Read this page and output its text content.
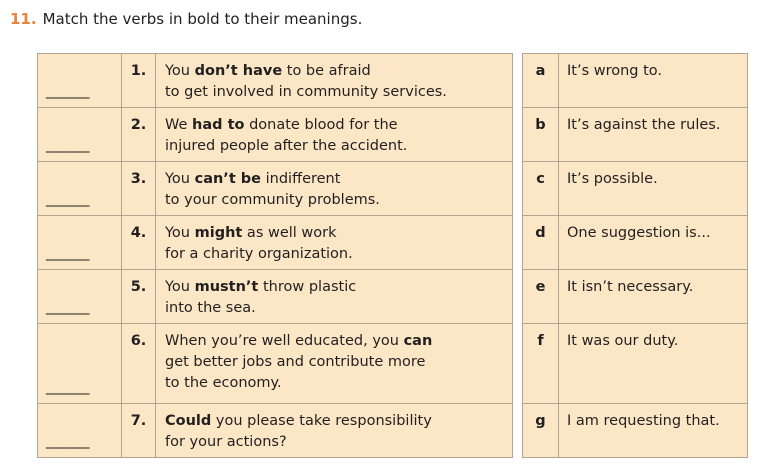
11. Match the verbs in bold to their meanings.
______	1.	You don’t have to be afraid
to get involved in community services.

______	2.	We had to donate blood for the
injured people after the accident.

______	3.	You can’t be indifferent
to your community problems.

______	4.	You might as well work
for a charity organization.

______	5.	You mustn’t throw plastic
into the sea.

______	6.	When you’re well educated, you can
get better jobs and contribute more
to the economy.

______	7.	Could you please take responsibility
for your actions?
a	It’s wrong to.
b	It’s against the rules.
c	It’s possible.
d	One suggestion is...
e	It isn’t necessary.
f	It was our duty.
g	I am requesting that.
